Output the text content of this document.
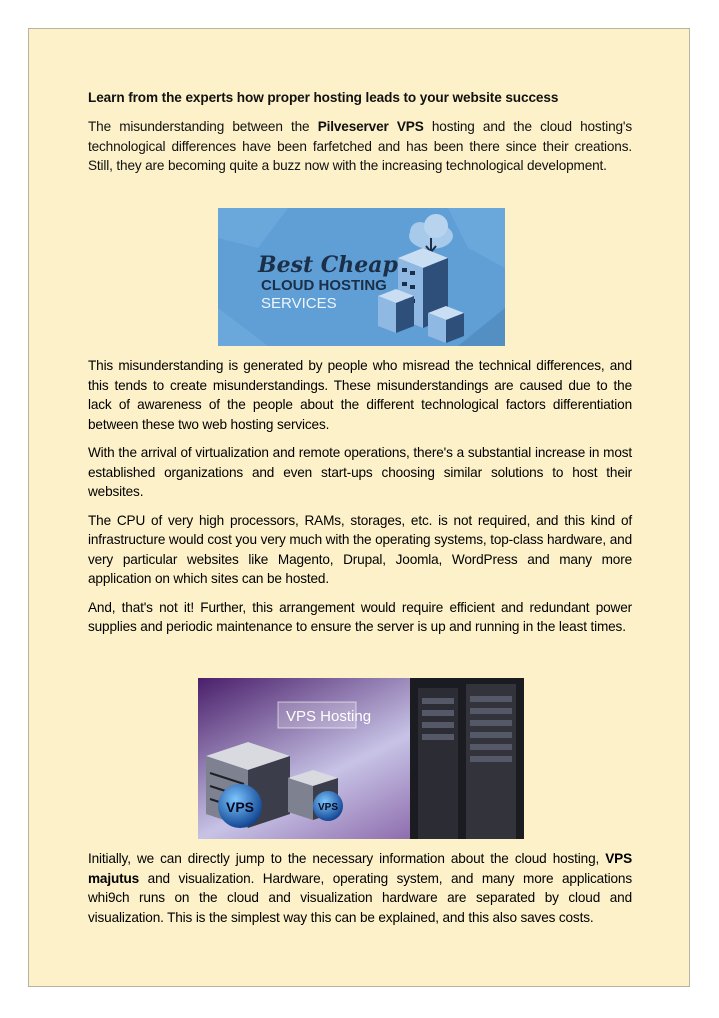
Learn from the experts how proper hosting leads to your website success

The misunderstanding between the Pilveserver VPS hosting and the cloud hosting's technological differences have been farfetched and has been there since their creations. Still, they are becoming quite a buzz now with the increasing technological development.

Best Cheap
CLOUD HOSTING
SERVICES

This misunderstanding is generated by people who misread the technical differences, and this tends to create misunderstandings. These misunderstandings are caused due to the lack of awareness of the people about the different technological factors differentiation between these two web hosting services.

With the arrival of virtualization and remote operations, there's a substantial increase in most established organizations and even start-ups choosing similar solutions to host their websites.

The CPU of very high processors, RAMs, storages, etc. is not required, and this kind of infrastructure would cost you very much with the operating systems, top-class hardware, and very particular websites like Magento, Drupal, Joomla, WordPress and many more application on which sites can be hosted.

And, that's not it! Further, this arrangement would require efficient and redundant power supplies and periodic maintenance to ensure the server is up and running in the least times.

VPS Hosting
VPS	VPS

Initially, we can directly jump to the necessary information about the cloud hosting, VPS majutus and visualization. Hardware, operating system, and many more applications whi9ch runs on the cloud and visualization hardware are separated by cloud and visualization. This is the simplest way this can be explained, and this also saves costs.
